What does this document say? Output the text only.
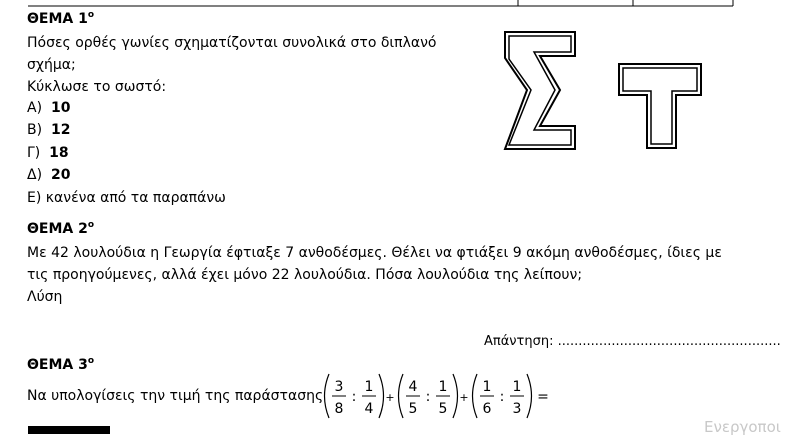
ΘΕΜΑ $1^o$
Πόσες ορθές γωνίες σχηματίζονται συνολικά στο διπλανό
σχήμα;
Κύκλωσε το σωστό:
Α) 10
Β) 12
Γ) 18
Δ) 20
Ε) κανένα από τα παραπάνω
ΘΕΜΑ $2^o$
Με 42 λουλούδια η Γεωργία έφτιαξε 7 ανθοδέσμες. Θέλει να φτιάξει 9 ακόμη ανθοδέσμες, ίδιες με
τις προηγούμενες, αλλά έχει μόνο 22 λουλούδια. Πόσα λουλούδια της λείπουν;
Λύση
Απάντηση: ......................................................
ΘΕΜΑ $3^o$
Να υπολογίσεις την τιμή της παράστασης
3
8
:
1
4
+
4
5
:
1
5
+
1
6
:
1
3
=
Ενεργοποι
